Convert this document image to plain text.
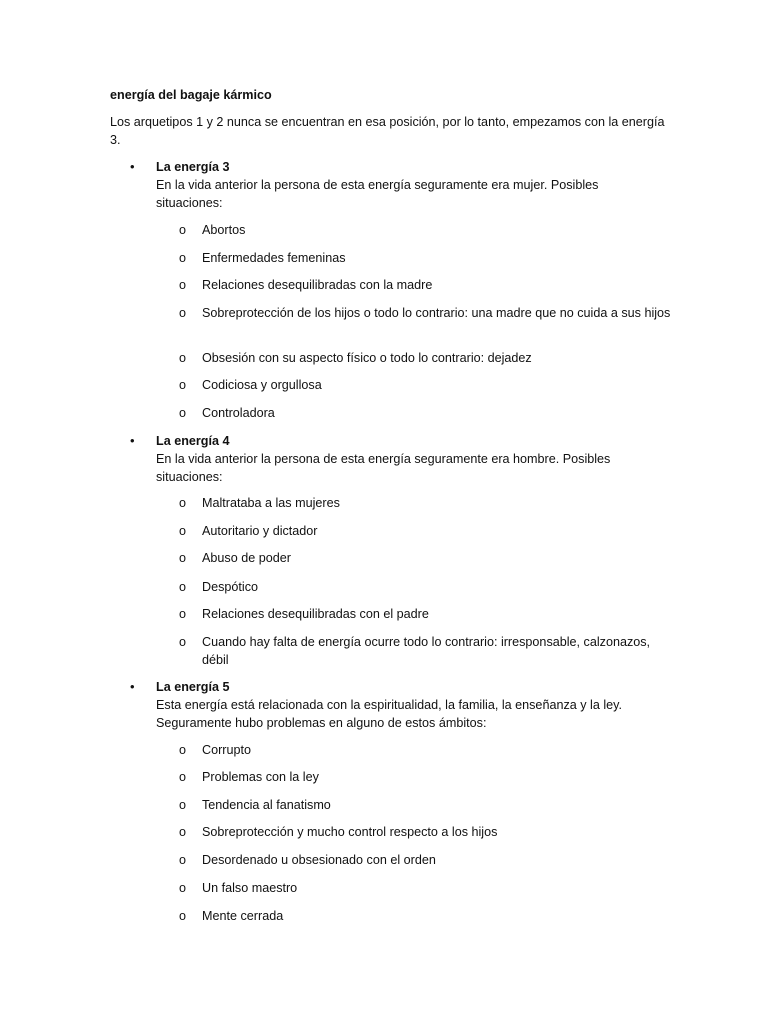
energía del bagaje kármico
Los arquetipos 1 y 2 nunca se encuentran en esa posición, por lo tanto, empezamos con la energía 3.
• La energía 3
En la vida anterior la persona de esta energía seguramente era mujer. Posibles situaciones:
o Abortos
o Enfermedades femeninas
o Relaciones desequilibradas con la madre
o Sobreprotección de los hijos o todo lo contrario: una madre que no cuida a sus hijos
o Obsesión con su aspecto físico o todo lo contrario: dejadez
o Codiciosa y orgullosa
o Controladora
• La energía 4
En la vida anterior la persona de esta energía seguramente era hombre. Posibles situaciones:
o Maltrataba a las mujeres
o Autoritario y dictador
o Abuso de poder
o Despótico
o Relaciones desequilibradas con el padre
o Cuando hay falta de energía ocurre todo lo contrario: irresponsable, calzonazos, débil
• La energía 5
Esta energía está relacionada con la espiritualidad, la familia, la enseñanza y la ley. Seguramente hubo problemas en alguno de estos ámbitos:
o Corrupto
o Problemas con la ley
o Tendencia al fanatismo
o Sobreprotección y mucho control respecto a los hijos
o Desordenado u obsesionado con el orden
o Un falso maestro
o Mente cerrada
